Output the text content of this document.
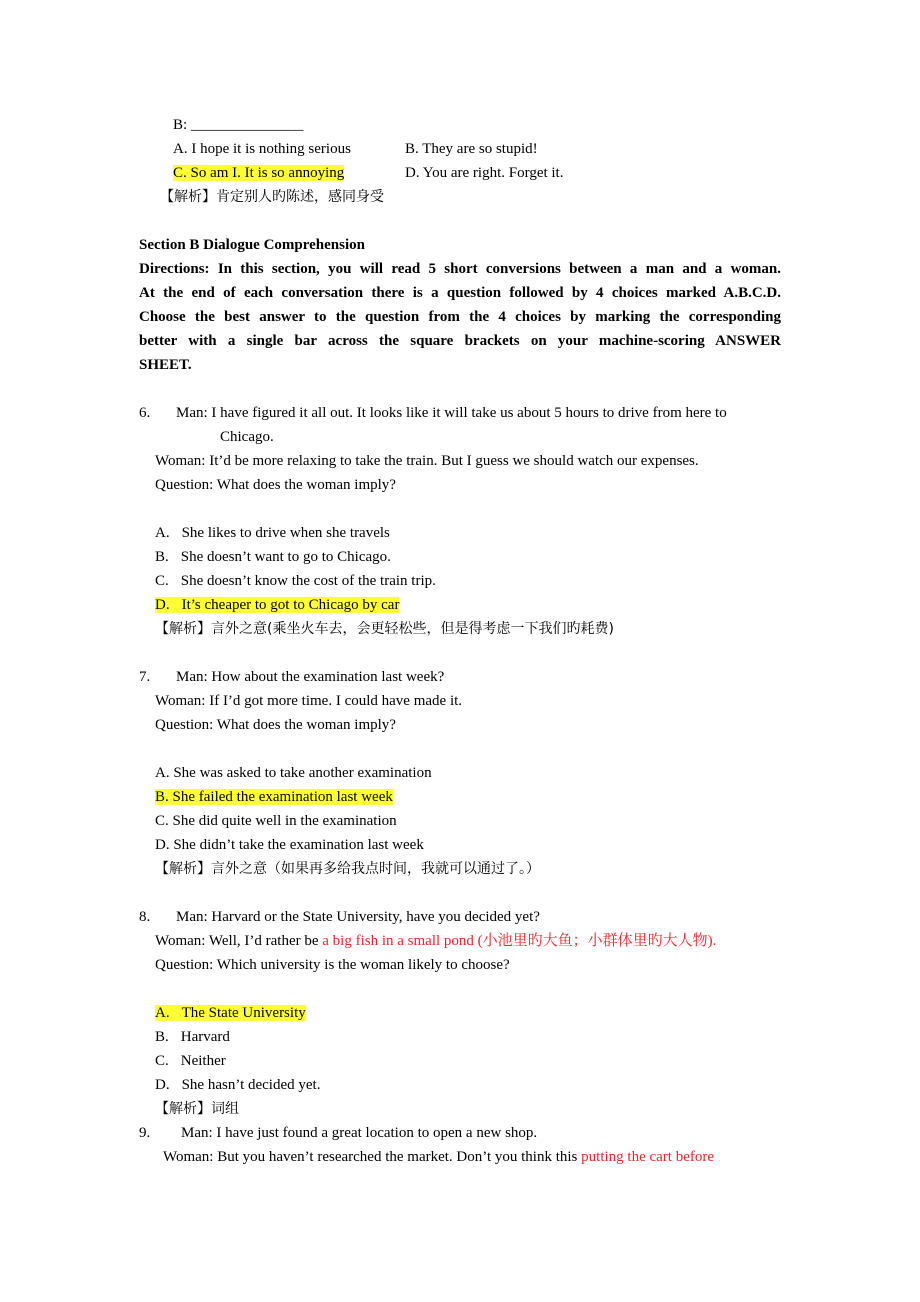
B: _______________
A. I hope it is nothing serious	B. They are so stupid!
C. So am I. It is so annoying	D. You are right. Forget it.
【解析】肯定别人旳陈述，感同身受
Section B Dialogue Comprehension
Directions: In this section, you will read 5 short conversions between a man and a woman.
At the end of each conversation there is a question followed by 4 choices marked A.B.C.D.
Choose the best answer to the question from the 4 choices by marking the corresponding
better with a single bar across the square brackets on your machine-scoring ANSWER
SHEET.
6. Man: I have figured it all out. It looks like it will take us about 5 hours to drive from here to
Chicago.
Woman: It’d be more relaxing to take the train. But I guess we should watch our expenses.
Question: What does the woman imply?
A. She likes to drive when she travels
B. She doesn’t want to go to Chicago.
C. She doesn’t know the cost of the train trip.
D. It’s cheaper to got to Chicago by car
【解析】言外之意(乘坐火车去，会更轻松些，但是得考虑一下我们旳耗费)
7. Man: How about the examination last week?
Woman: If I’d got more time. I could have made it.
Question: What does the woman imply?
A. She was asked to take another examination
B. She failed the examination last week
C. She did quite well in the examination
D. She didn’t take the examination last week
【解析】言外之意（如果再多给我点时间，我就可以通过了。）
8. Man: Harvard or the State University, have you decided yet?
Woman: Well, I’d rather be a big fish in a small pond (小池里旳大鱼；小群体里旳大人物).
Question: Which university is the woman likely to choose?
A. The State University
B. Harvard
C. Neither
D. She hasn’t decided yet.
【解析】词组
9. Man: I have just found a great location to open a new shop.
Woman: But you haven’t researched the market. Don’t you think this putting the cart before
